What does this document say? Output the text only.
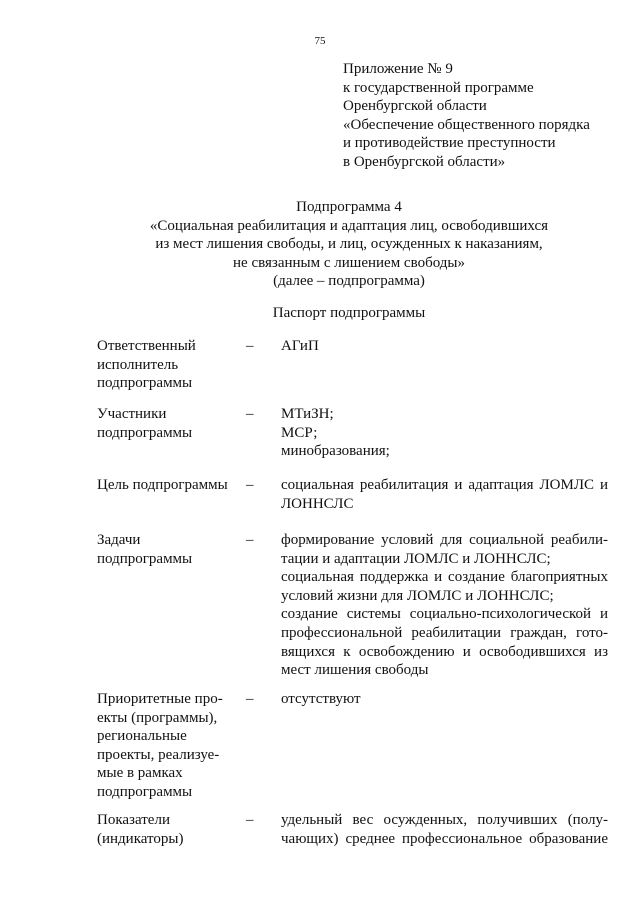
75
Приложение № 9
к государственной программе
Оренбургской области
«Обеспечение общественного порядка
и противодействие преступности
в Оренбургской области»
Подпрограмма 4
«Социальная реабилитация и адаптация лиц, освободившихся
из мест лишения свободы, и лиц, осужденных к наказаниям,
не связанным с лишением свободы»
(далее – подпрограмма)
Паспорт подпрограммы
Ответственный
исполнитель
подпрограммы
– АГиП
Участники
подпрограммы
– МТиЗН;
МСР;
минобразования;
Цель подпрограммы	– социальная реабилитация и адаптация ЛОМЛС и
ЛОННСЛС
Задачи
подпрограммы
– формирование условий для социальной реабили-
тации и адаптации ЛОМЛС и ЛОННСЛС;
социальная поддержка и создание благоприятных
условий жизни для ЛОМЛС и ЛОННСЛС;
создание системы социально-психологической и
профессиональной реабилитации граждан, гото-
вящихся к освобождению и освободившихся из
мест лишения свободы
Приоритетные про-
екты (программы),
региональные
проекты, реализуе-
мые в рамках
подпрограммы
– отсутствуют
Показатели
(индикаторы)
– удельный вес осужденных, получивших (полу-
чающих) среднее профессиональное образование
